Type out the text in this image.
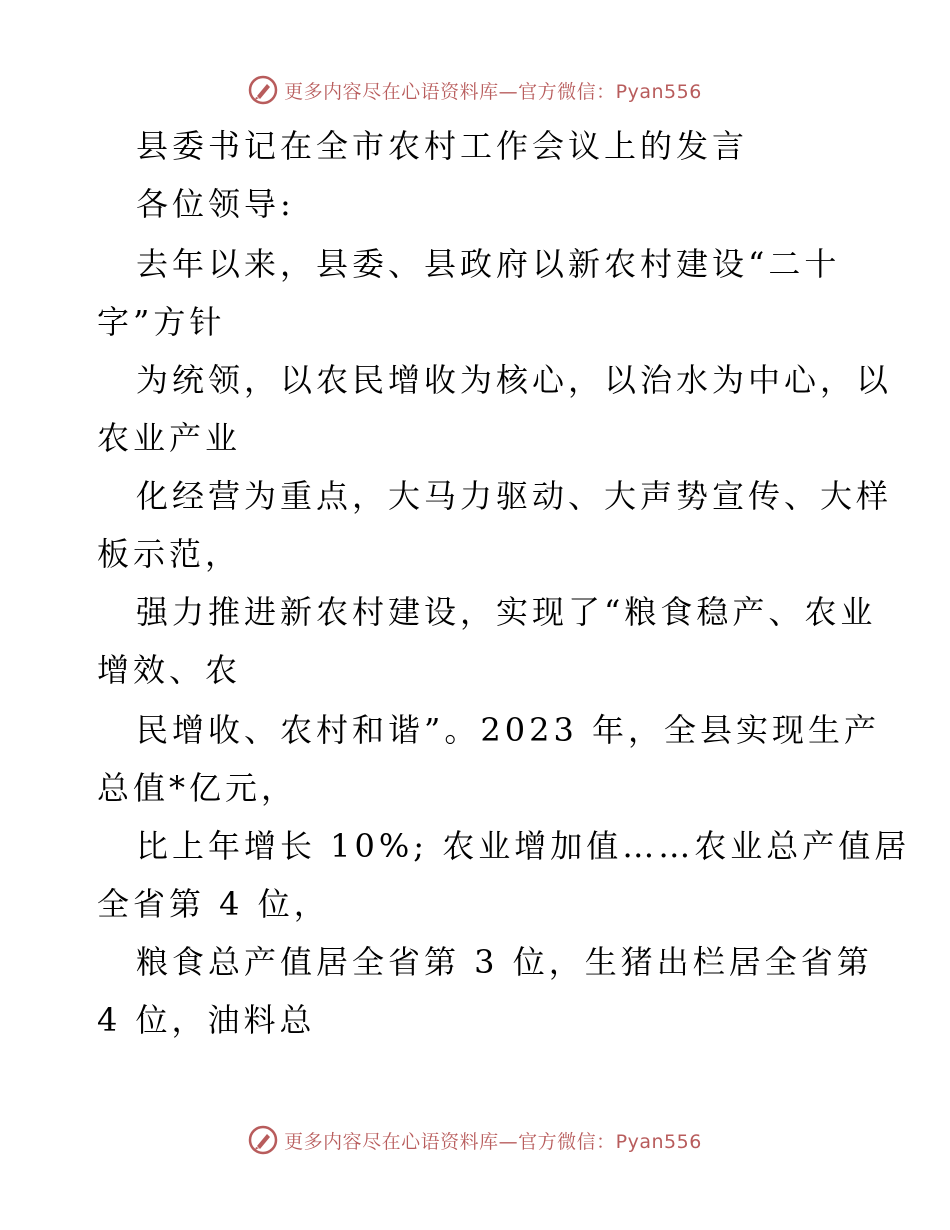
更多内容尽在心语资料库—官方微信：Pyan556
县委书记在全市农村工作会议上的发言
各位领导:
去年以来，县委、县政府以新农村建设“二十
字”方针
为统领，以农民增收为核心，以治水为中心，以
农业产业
化经营为重点，大马力驱动、大声势宣传、大样
板示范，
强力推进新农村建设，实现了“粮食稳产、农业
增效、农
民增收、农村和谐”。2023 年，全县实现生产
总值*亿元，
比上年增长 10%; 农业增加值……农业总产值居
全省第 4 位，
粮食总产值居全省第 3 位，生猪出栏居全省第
4 位，油料总
更多内容尽在心语资料库—官方微信：Pyan556
